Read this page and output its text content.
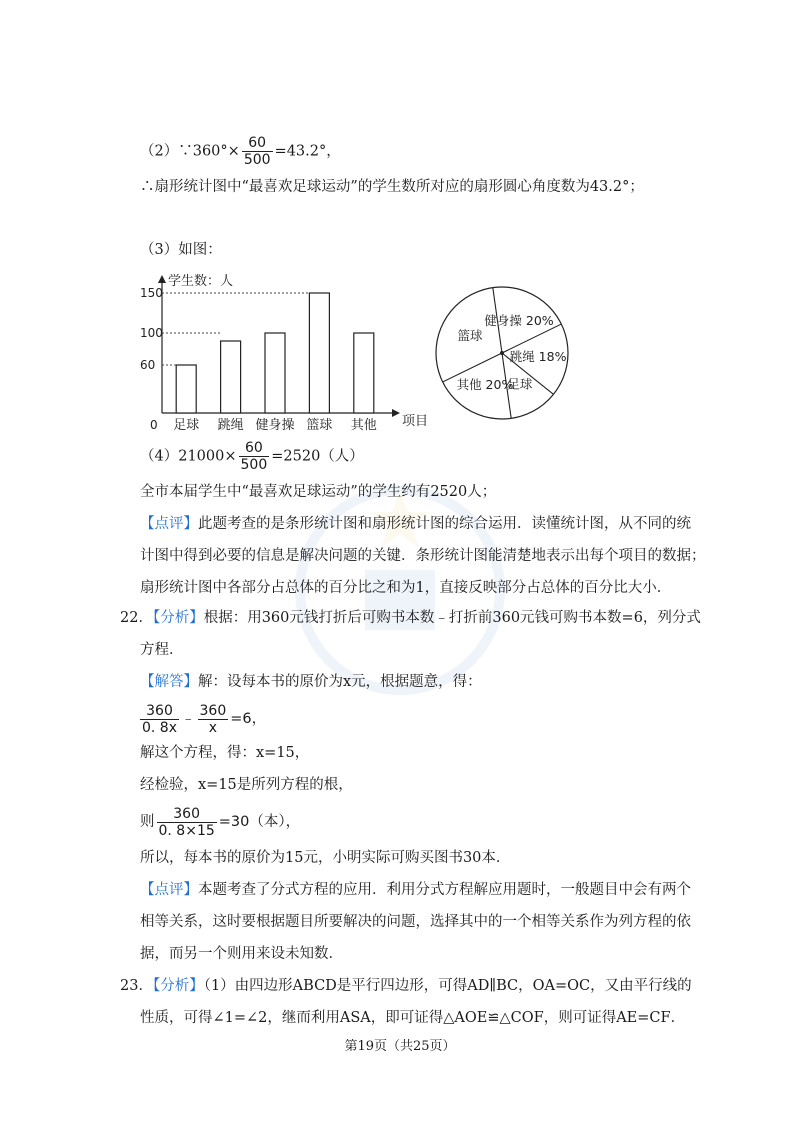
（2）∵360°× $\frac{60}{500} =43.2^\circ$，
∴扇形统计图中“最喜欢足球运动”的学生数所对应的扇形圆心角度数为43.2°；
（3）如图：
学生数：人
项目
150
100
60
0 足球 跳绳 健身操 篮球 其他
健身操 20%
跳绳 18%
足球
其他 20%
篮球
$(4)21000\times \frac{60}{500} =2520$（人）
全市本届学生中“最喜欢足球运动”的学生约有2520人；
【点评】此题考查的是条形统计图和扇形统计图的综合运用．读懂统计图，从不同的统
计图中得到必要的信息是解决问题的关键．条形统计图能清楚地表示出每个项目的数据；
扇形统计图中各部分占总体的百分比之和为1，直接反映部分占总体的百分比大小．
22．【分析】根据：用360元钱打折后可购书本数﹣打折前360元钱可购书本数=6，列分式
方程．
【解答】解：设每本书的原价为x元，根据题意，得：
$\frac{360}{0. 8x}$ ﹣ $\frac{360}{x} =6$，
解这个方程，得：x=15，
经检验，x=15是所列方程的根，
则 $\frac{360}{0. 8\times 15} =30$（本），
所以，每本书的原价为15元，小明实际可购买图书30本．
【点评】本题考查了分式方程的应用．利用分式方程解应用题时，一般题目中会有两个
相等关系，这时要根据题目所要解决的问题，选择其中的一个相等关系作为列方程的依
据，而另一个则用来设未知数．
23．【分析】（1）由四边形ABCD是平行四边形，可得AD∥BC，OA=OC，又由平行线的
性质，可得∠1=∠2，继而利用ASA，即可证得△AOE≌△COF，则可证得AE=CF．
第19页（共25页）
